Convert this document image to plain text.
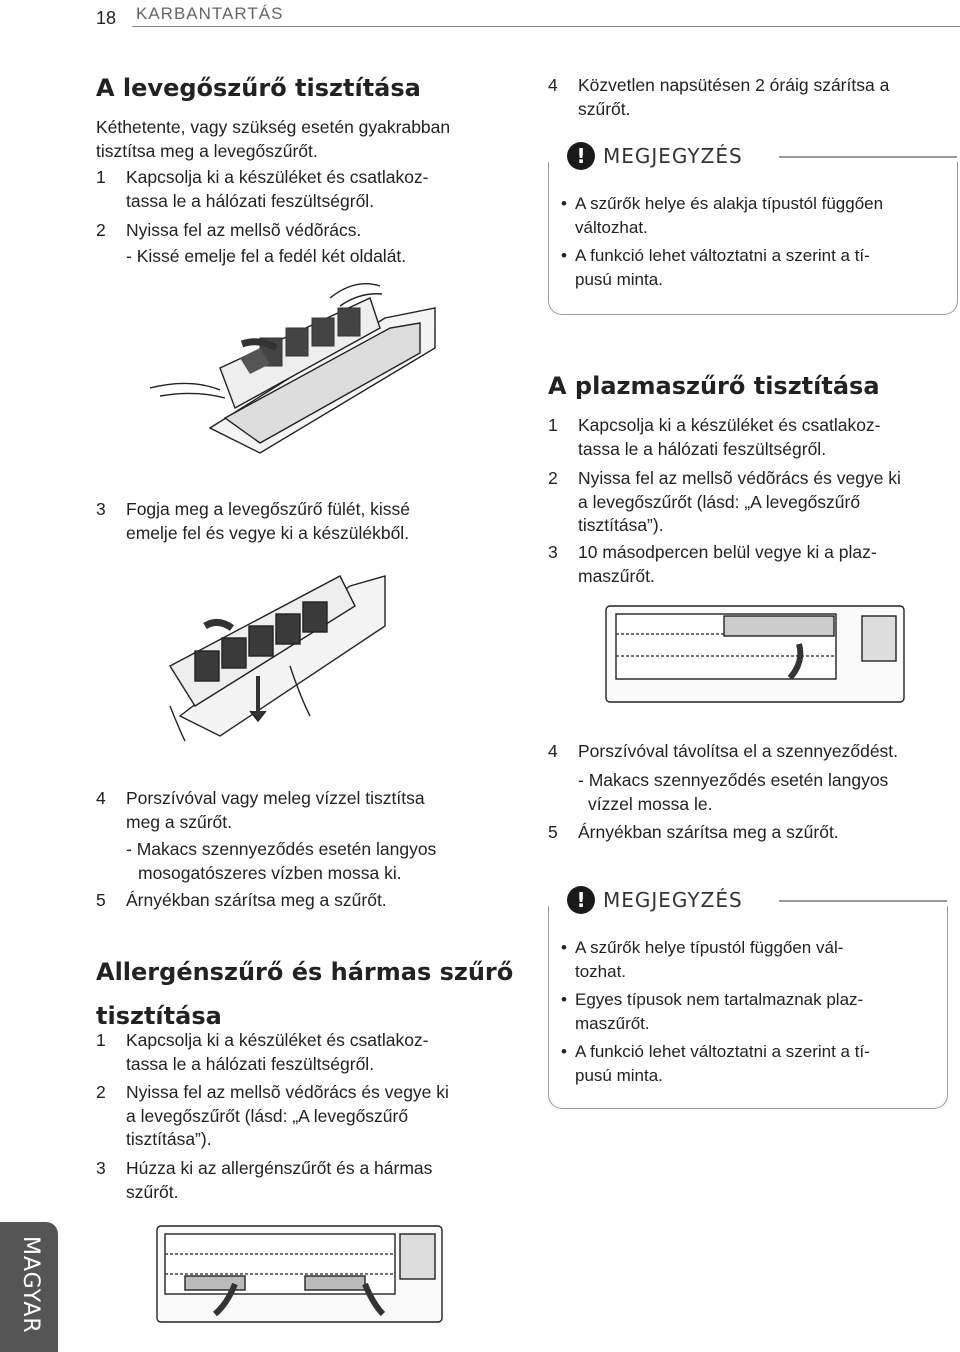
18 KARBANTARTÁS
A levegőszűrő tisztítása
Kéthetente, vagy szükség esetén gyakrabban
tisztítsa meg a levegőszűrőt.
1 Kapcsolja ki a készüléket és csatlakoz-
tassa le a hálózati feszültségről.
2 Nyissa fel az mellsõ védõrács.
- Kissé emelje fel a fedél két oldalát.
3 Fogja meg a levegőszűrő fülét, kissé
emelje fel és vegye ki a készülékből.
4 Porszívóval vagy meleg vízzel tisztítsa
meg a szűrőt.
- Makacs szennyeződés esetén langyos
mosogatószeres vízben mossa ki.
5 Árnyékban szárítsa meg a szűrőt.
Allergénszűrő és hármas szűrő
tisztítása
1 Kapcsolja ki a készüléket és csatlakoz-
tassa le a hálózati feszültségről.
2 Nyissa fel az mellsõ védõrács és vegye ki
a levegőszűrőt (lásd: „A levegőszűrő
tisztítása”).
3 Húzza ki az allergénszűrőt és a hármas
szűrőt.
4 Közvetlen napsütésen 2 óráig szárítsa a
szűrőt.
! MEGJEGYZÉS
• A szűrők helye és alakja típustól függően
változhat.
• A funkció lehet változtatni a szerint a tí-
pusú minta.
A plazmaszűrő tisztítása
1 Kapcsolja ki a készüléket és csatlakoz-
tassa le a hálózati feszültségről.
2 Nyissa fel az mellsõ védõrács és vegye ki
a levegőszűrőt (lásd: „A levegőszűrő
tisztítása”).
3 10 másodpercen belül vegye ki a plaz-
maszűrőt.
4 Porszívóval távolítsa el a szennyeződést.
- Makacs szennyeződés esetén langyos
vízzel mossa le.
5 Árnyékban szárítsa meg a szűrőt.
! MEGJEGYZÉS
• A szűrők helye típustól függően vál-
tozhat.
• Egyes típusok nem tartalmaznak plaz-
maszűrőt.
• A funkció lehet változtatni a szerint a tí-
pusú minta.
MAGYAR
